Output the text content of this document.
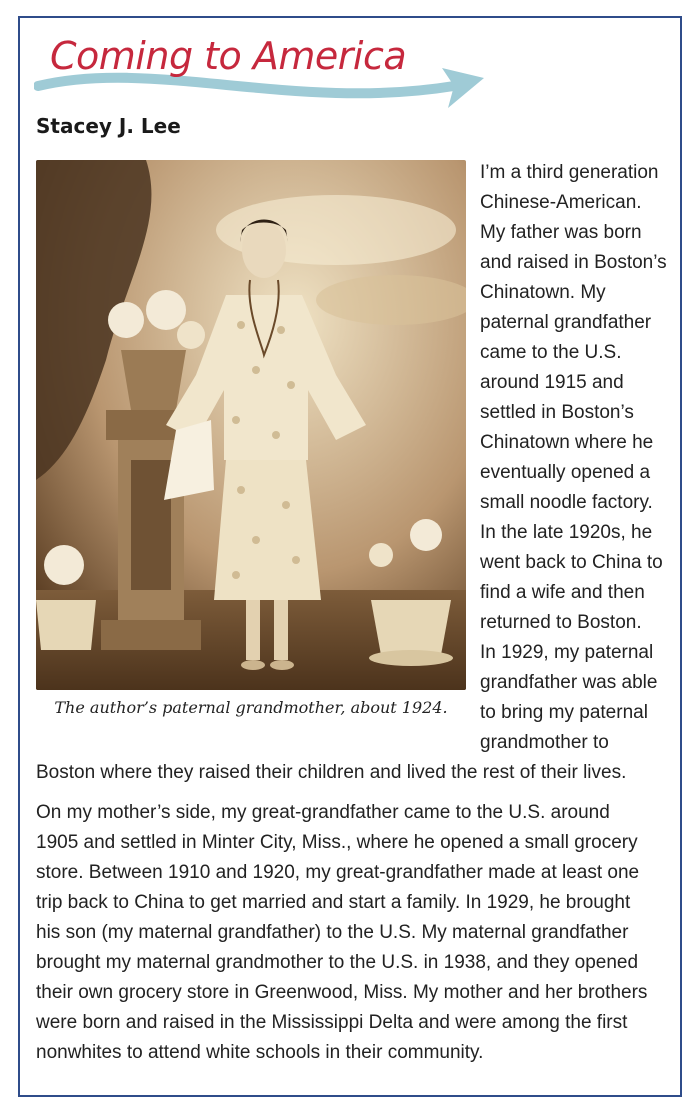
Coming to America
Stacey J. Lee

The author’s paternal grandmother, about 1924.

I’m a third generation
Chinese-American.
My father was born
and raised in Boston’s
Chinatown. My
paternal grandfather
came to the U.S.
around 1915 and
settled in Boston’s
Chinatown where he
eventually opened a
small noodle factory.
In the late 1920s, he
went back to China to
find a wife and then
returned to Boston.
In 1929, my paternal
grandfather was able
to bring my paternal
grandmother to

Boston where they raised their children and lived the rest of their lives.

On my mother’s side, my great-grandfather came to the U.S. around
1905 and settled in Minter City, Miss., where he opened a small grocery
store. Between 1910 and 1920, my great-grandfather made at least one
trip back to China to get married and start a family. In 1929, he brought
his son (my maternal grandfather) to the U.S. My maternal grandfather
brought my maternal grandmother to the U.S. in 1938, and they opened
their own grocery store in Greenwood, Miss. My mother and her brothers
were born and raised in the Mississippi Delta and were among the first
nonwhites to attend white schools in their community.
